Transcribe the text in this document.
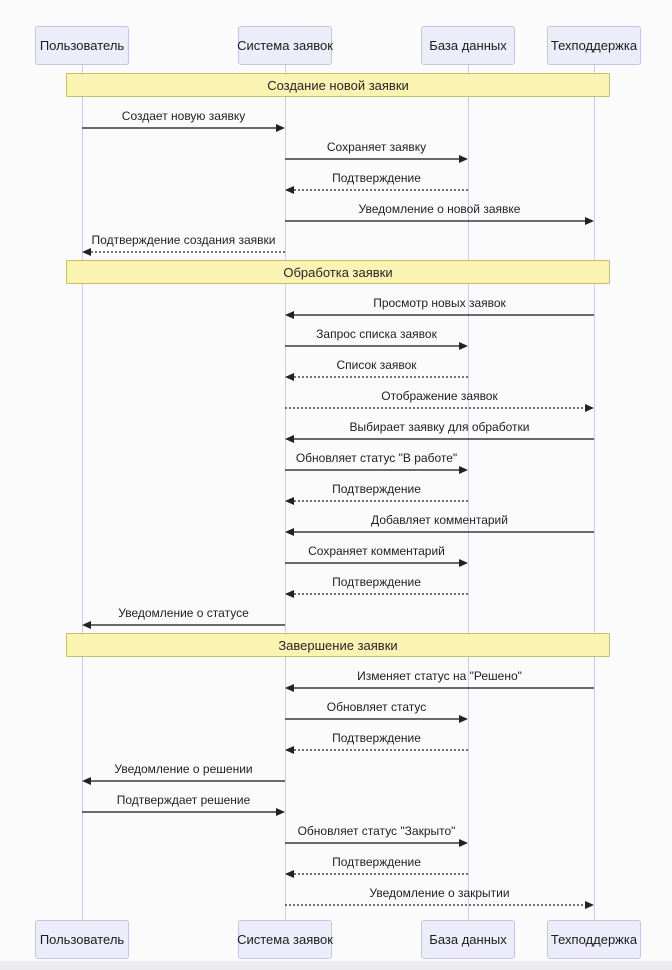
Пользователь
Пользователь
Система заявок
Система заявок
База данных
База данных
Техподдержка
Техподдержка
Создание новой заявки
Создает новую заявку
Сохраняет заявку
Подтверждение
Уведомление о новой заявке
Подтверждение создания заявки
Обработка заявки
Просмотр новых заявок
Запрос списка заявок
Список заявок
Отображение заявок
Выбирает заявку для обработки
Обновляет статус "В работе"
Подтверждение
Добавляет комментарий
Сохраняет комментарий
Подтверждение
Уведомление о статусе
Завершение заявки
Изменяет статус на "Решено"
Обновляет статус
Подтверждение
Уведомление о решении
Подтверждает решение
Обновляет статус "Закрыто"
Подтверждение
Уведомление о закрытии
